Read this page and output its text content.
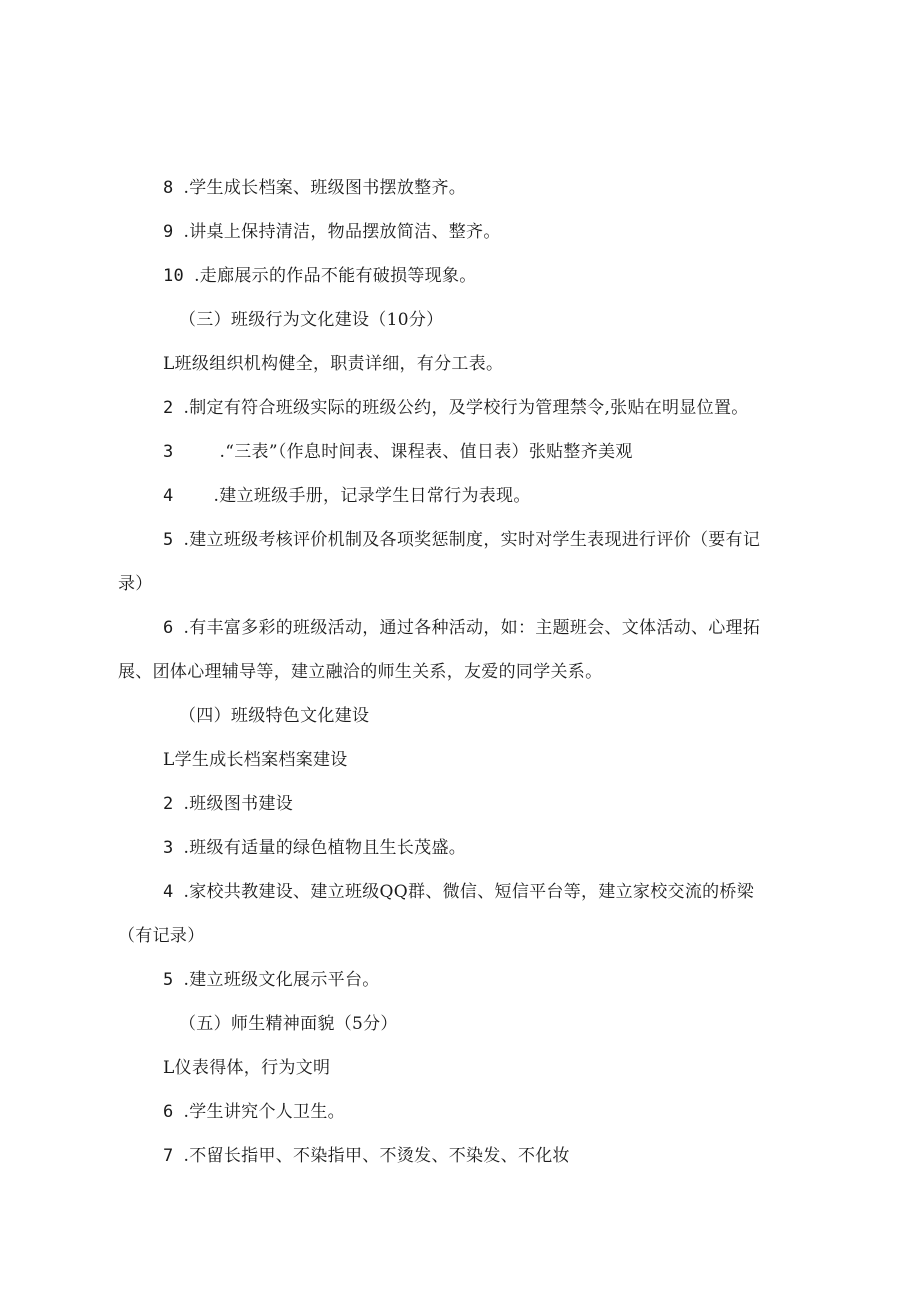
8 .学生成长档案、班级图书摆放整齐。
9 .讲桌上保持清洁，物品摆放简洁、整齐。
10 .走廊展示的作品不能有破损等现象。
（三）班级行为文化建设（10分）
L班级组织机构健全，职责详细，有分工表。
2 .制定有符合班级实际的班级公约，及学校行为管理禁令,张贴在明显位置。
3	.“三表”（作息时间表、课程表、值日表）张贴整齐美观
4 .建立班级手册，记录学生日常行为表现。
5 .建立班级考核评价机制及各项奖惩制度，实时对学生表现进行评价（要有记
录）
6 .有丰富多彩的班级活动，通过各种活动，如：主题班会、文体活动、心理拓
展、团体心理辅导等，建立融洽的师生关系，友爱的同学关系。
（四）班级特色文化建设
L学生成长档案档案建设
2 .班级图书建设
3 .班级有适量的绿色植物且生长茂盛。
4 .家校共教建设、建立班级QQ群、微信、短信平台等，建立家校交流的桥梁
（有记录）
5 .建立班级文化展示平台。
（五）师生精神面貌（5分）
L仪表得体，行为文明
6 .学生讲究个人卫生。
7 .不留长指甲、不染指甲、不烫发、不染发、不化妆
